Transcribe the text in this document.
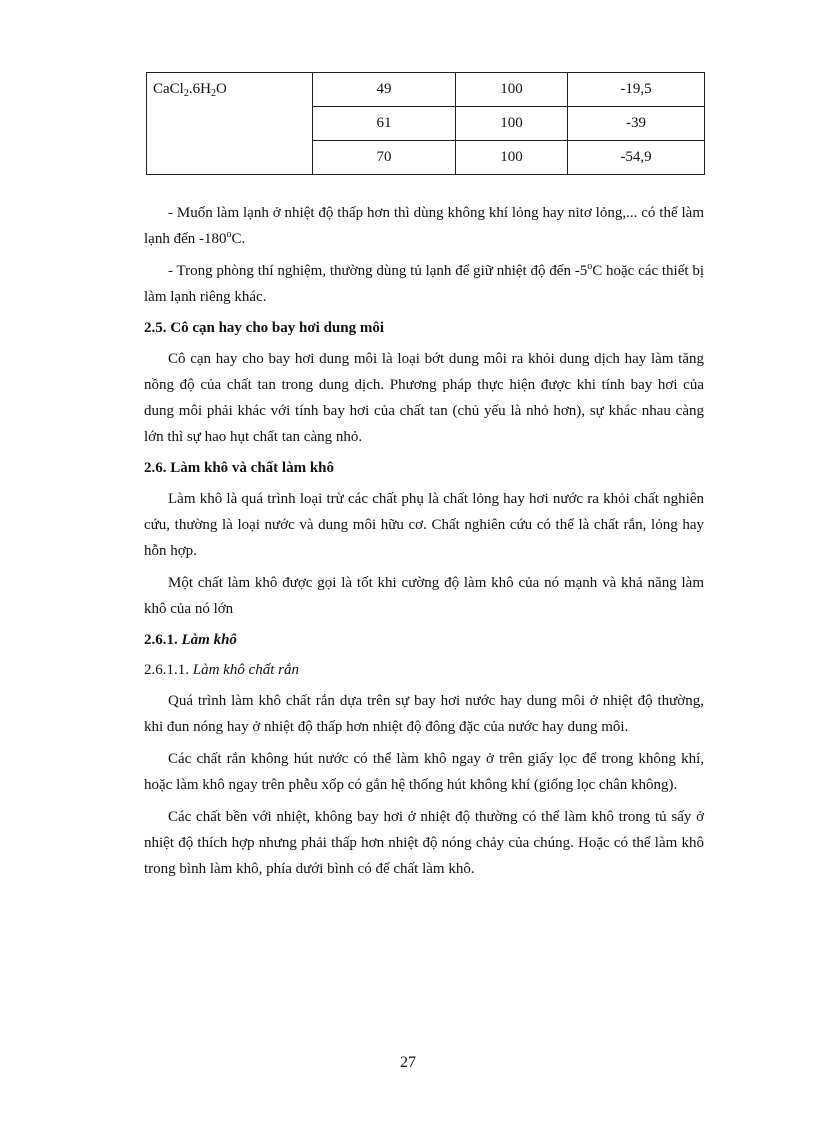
$CaCl_2.6H_2O$	49	100	-19,5
	61	100	-39
	70	100	-54,9

- Muốn làm lạnh ở nhiệt độ thấp hơn thì dùng không khí lỏng hay nitơ lỏng,... có thể làm lạnh đến -180$^o$C.

- Trong phòng thí nghiệm, thường dùng tủ lạnh để giữ nhiệt độ đến -5$^o$C hoặc các thiết bị làm lạnh riêng khác.

2.5. Cô cạn hay cho bay hơi dung môi

Cô cạn hay cho bay hơi dung môi là loại bớt dung môi ra khỏi dung dịch hay làm tăng nồng độ của chất tan trong dung dịch. Phương pháp thực hiện được khi tính bay hơi của dung môi phải khác với tính bay hơi của chất tan (chủ yếu là nhỏ hơn), sự khác nhau càng lớn thì sự hao hụt chất tan càng nhỏ.

2.6. Làm khô và chất làm khô

Làm khô là quá trình loại trừ các chất phụ là chất lỏng hay hơi nước ra khỏi chất nghiên cứu, thường là loại nước và dung môi hữu cơ. Chất nghiên cứu có thể là chất rắn, lỏng hay hỗn hợp.

Một chất làm khô được gọi là tốt khi cường độ làm khô của nó mạnh và khả năng làm khô của nó lớn

2.6.1. Làm khô
2.6.1.1. Làm khô chất rắn

Quá trình làm khô chất rắn dựa trên sự bay hơi nước hay dung môi ở nhiệt độ thường, khi đun nóng hay ở nhiệt độ thấp hơn nhiệt độ đông đặc của nước hay dung môi.

Các chất rắn không hút nước có thể làm khô ngay ở trên giấy lọc để trong không khí, hoặc làm khô ngay trên phễu xốp có gắn hệ thống hút không khí (giống lọc chân không).

Các chất bền với nhiệt, không bay hơi ở nhiệt độ thường có thể làm khô trong tủ sấy ở nhiệt độ thích hợp nhưng phải thấp hơn nhiệt độ nóng chảy của chúng. Hoặc có thể làm khô trong bình làm khô, phía dưới bình có để chất làm khô.

27
